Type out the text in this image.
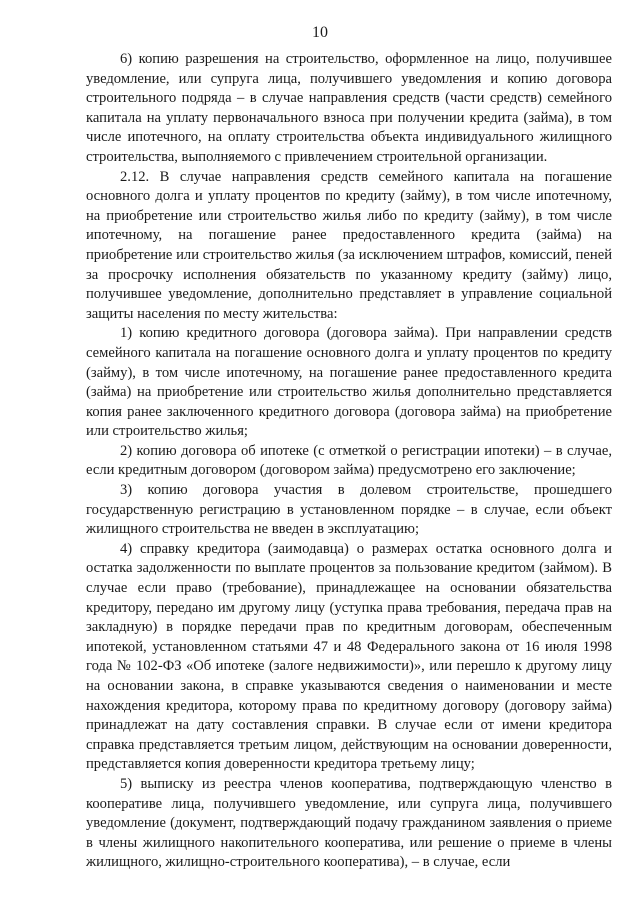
10

6) копию разрешения на строительство, оформленное на лицо, получившее уведомление, или супруга лица, получившего уведомления и копию договора строительного подряда – в случае направления средств (части средств) семейного капитала на уплату первоначального взноса при получении кредита (займа), в том числе ипотечного, на оплату строительства объекта индивидуального жилищного строительства, выполняемого с привлечением строительной организации.

2.12. В случае направления средств семейного капитала на погашение основного долга и уплату процентов по кредиту (займу), в том числе ипотечному, на приобретение или строительство жилья либо по кредиту (займу), в том числе ипотечному, на погашение ранее предоставленного кредита (займа) на приобретение или строительство жилья (за исключением штрафов, комиссий, пеней за просрочку исполнения обязательств по указанному кредиту (займу) лицо, получившее уведомление, дополнительно представляет в управление социальной защиты населения по месту жительства:

1) копию кредитного договора (договора займа). При направлении средств семейного капитала на погашение основного долга и уплату процентов по кредиту (займу), в том числе ипотечному, на погашение ранее предоставленного кредита (займа) на приобретение или строительство жилья дополнительно представляется копия ранее заключенного кредитного договора (договора займа) на приобретение или строительство жилья;

2) копию договора об ипотеке (с отметкой о регистрации ипотеки) – в случае, если кредитным договором (договором займа) предусмотрено его заключение;

3) копию договора участия в долевом строительстве, прошедшего государственную регистрацию в установленном порядке – в случае, если объект жилищного строительства не введен в эксплуатацию;

4) справку кредитора (заимодавца) о размерах остатка основного долга и остатка задолженности по выплате процентов за пользование кредитом (займом). В случае если право (требование), принадлежащее на основании обязательства кредитору, передано им другому лицу (уступка права требования, передача прав на закладную) в порядке передачи прав по кредитным договорам, обеспеченным ипотекой, установленном статьями 47 и 48 Федерального закона от 16 июля 1998 года № 102-ФЗ «Об ипотеке (залоге недвижимости)», или перешло к другому лицу на основании закона, в справке указываются сведения о наименовании и месте нахождения кредитора, которому права по кредитному договору (договору займа) принадлежат на дату составления справки. В случае если от имени кредитора справка представляется третьим лицом, действующим на основании доверенности, представляется копия доверенности кредитора третьему лицу;

5) выписку из реестра членов кооператива, подтверждающую членство в кооперативе лица, получившего уведомление, или супруга лица, получившего уведомление (документ, подтверждающий подачу гражданином заявления о приеме в члены жилищного накопительного кооператива, или решение о приеме в члены жилищного, жилищно-строительного кооператива), – в случае, если
